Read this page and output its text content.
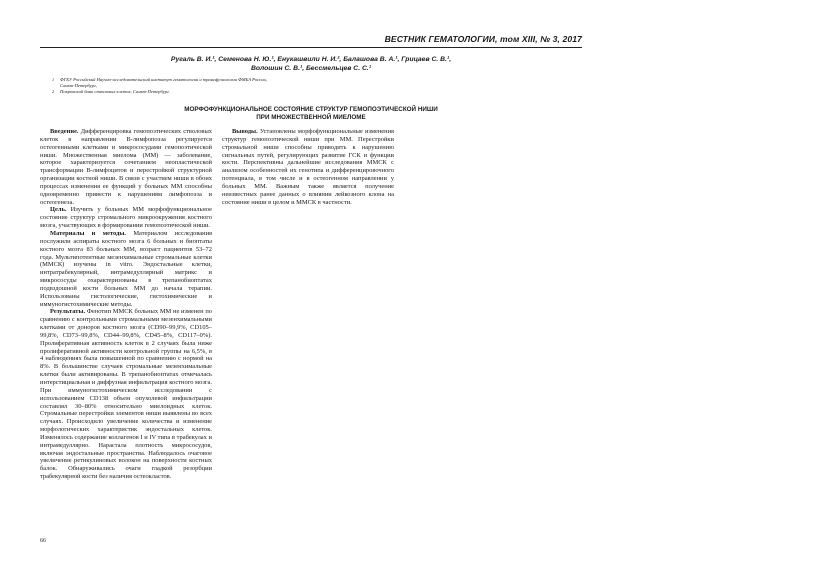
ВЕСТНИК ГЕМАТОЛОГИИ, том XIII, № 3, 2017
Ругаль В. И.¹, Семенова Н. Ю.¹, Енукашвили Н. И.², Балашова В. А.¹, Грицаев С. В.¹,
Волошин С. В.¹, Бессмельцев С. С.¹
1	ФГБУ Российский Научно-исследовательский институт гематологии и трансфузиологии ФМБА России,
Санкт-Петербург,
2	Покровский банк стволовых клеток, Санкт-Петербург.
МОРФОФУНКЦИОНАЛЬНОЕ СОСТОЯНИЕ СТРУКТУР ГЕМОПОЭТИЧЕСКОЙ НИШИ
ПРИ МНОЖЕСТВЕННОЙ МИЕЛОМЕ

Введение. Дифференцировка гемопоэтических стволовых клеток в направлении В-лимфопоэза регулируется остеогенными клетками и микрососудами гемопоэтической ниши. Множественная миелома (ММ) — заболевание, которое характеризуется сочетанием неопластической трансформации В-лимфоцитов и перестройкой структурной организации костной ниши. В связи с участием ниши в обоих процессах изменения ее функций у больных ММ способны одновременно привести к нарушениям лимфопоэза и остеогенеза.

Цель. Изучить у больных ММ морфофункциональное состояние структур стромального микроокружения костного мозга, участвующих в формировании гемопоэтической ниши.

Материалы и методы. Материалом исследования послужили аспираты костного мозга 6 больных и биоптаты костного мозга 83 больных ММ, возраст пациентов 53–72 года. Мультипотентные мезенхимальные стромальные клетки (ММСК) изучены in vitro. Эндостальные клетки, интратрабекулярный, интрамедуллярный матрикс и микрососуды охарактеризованы в трепанобиоптатах подвздошной кости больных ММ до начала терапии. Использованы гистологические, гистохимические и иммуногистохимические методы.

Результаты. Фенотип ММСК больных ММ не изменен по сравнению с контрольными стромальными мезенхимальными клетками от доноров костного мозга (CD90–99,9%, CD105–99,8%, CD73–99,8%, CD44–99,8%, CD45–8%, CD117–0%). Пролиферативная активность клеток в 2 случаях была ниже пролиферативной активности контрольной группы на 6,5%, в 4 наблюдениях была повышенной по сравнению с нормой на 8%. В большинстве случаев стромальные мезенхимальные клетки были активированы. В трепанобиоптатах отмечалась интерстициальная и диффузная инфильтрация костного мозга. При иммуногистохимическом исследовании с использованием CD138 объем опухолевой инфильтрации составлял 30–80% относительно миелоидных клеток. Стромальные перестройки элементов ниши выявлены во всех случаях. Происходило увеличение количества и изменение морфологических характеристик эндостальных клеток. Изменялось содержание коллагенов I и IV типа в трабекулах и интрамедуллярно. Нарастала плотность микрососудов, включая эндостальные пространства. Наблюдалось очаговое увеличение ретикулиновых волокон на поверхности костных балок. Обнаруживались очаги гладкой резорбции трабекулярной кости без наличия остеокластов.

Выводы. Установлены морфофункциональные изменения структур гемопоэтической ниши при ММ. Перестройки стромальной ниши способны приводить к нарушению сигнальных путей, регулирующих развитие ГСК и функции кости. Перспективны дальнейшие исследования ММСК с анализом особенностей их генотипа и дифференцировочного потенциала, в том числе и в остеогенном направлении у больных ММ. Важным также является получение неизвестных ранее данных о влиянии лейкозного клона на состояние ниши в целом и ММСК в частности.

66
